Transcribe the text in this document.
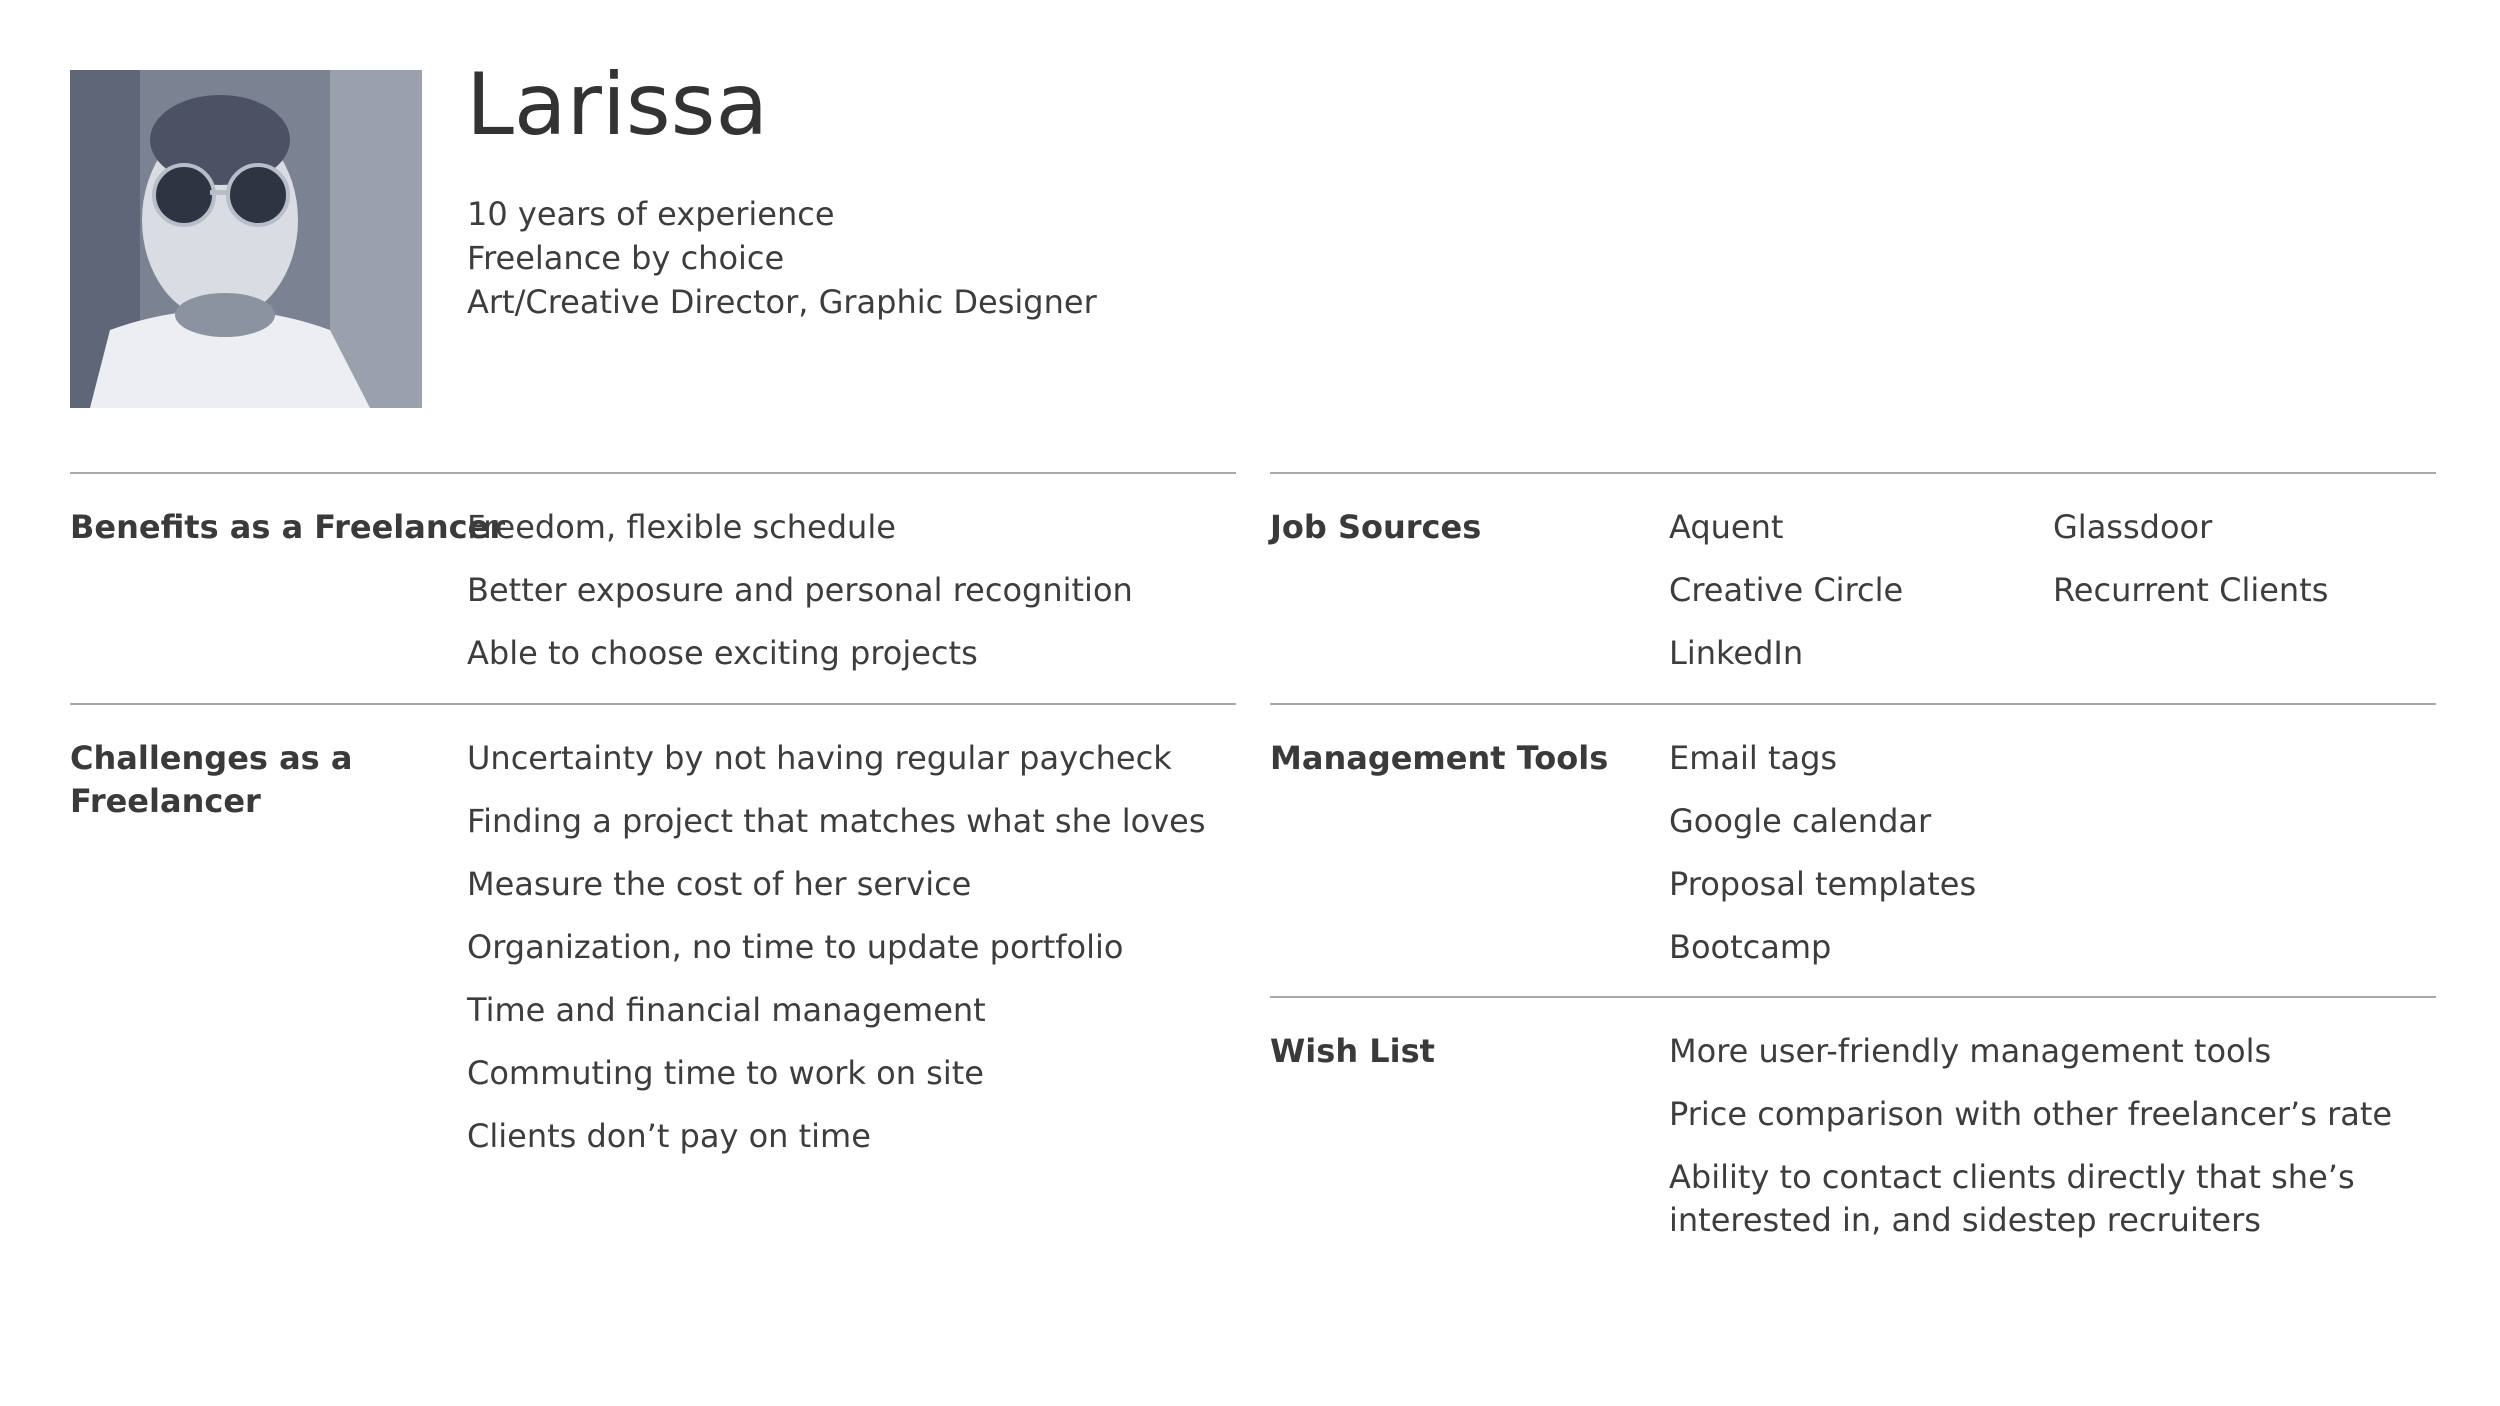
Larissa
10 years of experience
Freelance by choice
Art/Creative Director, Graphic Designer
Benefits as a Freelancer
Freedom, flexible schedule
Better exposure and personal recognition
Able to choose exciting projects
Challenges as a Freelancer
Uncertainty by not having regular paycheck
Finding a project that matches what she loves
Measure the cost of her service
Organization, no time to update portfolio
Time and financial management
Commuting time to work on site
Clients don’t pay on time
Job Sources	Aquent
Creative Circle
LinkedIn
Glassdoor
Recurrent Clients
Management Tools Email tags
Google calendar
Proposal templates
Bootcamp
Wish List	More user-friendly management tools
Price comparison with other freelancer’s rate
Ability to contact clients directly that she’s interested in, and sidestep recruiters
